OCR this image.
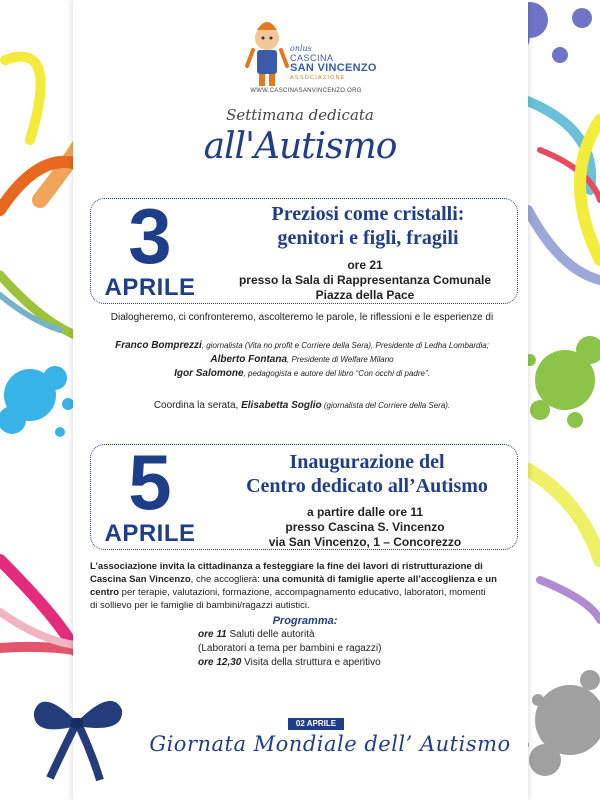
onlus
CASCINA
SAN VINCENZO
ASSOCIAZIONE
WWW.CASCINASANVINCENZO.ORG
Settimana dedicata
all'Autismo
3
APRILE
Preziosi come cristalli:
genitori e figli, fragili
ore 21
presso la Sala di Rappresentanza Comunale
Piazza della Pace
Dialogheremo, ci confronteremo, ascolteremo le parole, le riflessioni e le esperienze di
Franco Bomprezzi, giornalista (Vita no profit e Corriere della Sera), Presidente di Ledha Lombardia;
Alberto Fontana, Presidente di Welfare Milano
Igor Salomone, pedagogista e autore del libro “Con occhi di padre”.
Coordina la serata, Elisabetta Soglio (giornalista del Corriere della Sera).
5
APRILE
Inaugurazione del
Centro dedicato all’Autismo
a partire dalle ore 11
presso Cascina S. Vincenzo
via San Vincenzo, 1 – Concorezzo
L’associazione invita la cittadinanza a festeggiare la fine dei lavori di ristrutturazione di
Cascina San Vincenzo, che accoglierà: una comunità di famiglie aperte all’accoglienza e un
centro per terapie, valutazioni, formazione, accompagnamento educativo, laboratori, momenti
di sollievo per le famiglie di bambini/ragazzi autistici.
Programma:
ore 11 Saluti delle autorità
(Laboratori a tema per bambini e ragazzi)
ore 12,30 Visita della struttura e aperitivo
02 APRILE
Giornata Mondiale dell’ Autismo
